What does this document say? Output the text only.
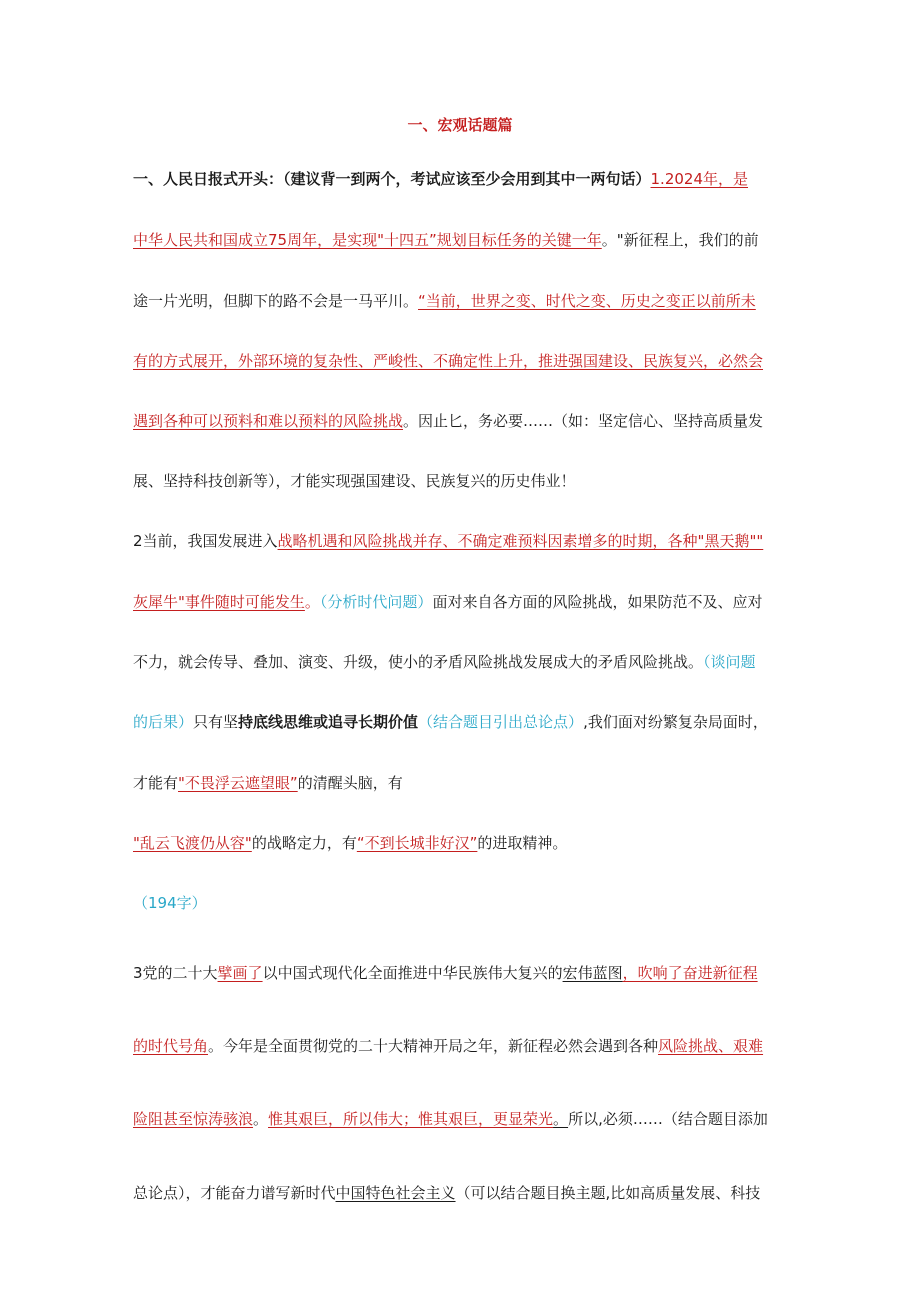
一、宏观话题篇
一、人民日报式开头：（建议背一到两个，考试应该至少会用到其中一两句话）1.2024年，是
中华人民共和国成立75周年，是实现"十四五”规划目标任务的关键一年。"新征程上，我们的前
途一片光明，但脚下的路不会是一马平川。“当前，世界之变、时代之变、历史之变正以前所未
有的方式展开，外部环境的复杂性、严峻性、不确定性上升，推进强国建设、民族复兴，必然会
遇到各种可以预料和难以预料的风险挑战。因止匕，务必要……（如：坚定信心、坚持高质量发
展、坚持科技创新等），才能实现强国建设、民族复兴的历史伟业！
2当前，我国发展进入战略机遇和风险挑战并存、不确定难预料因素增多的时期，各种"黑天鹅""
灰犀牛"事件随时可能发生。（分析时代问题）面对来自各方面的风险挑战，如果防范不及、应对
不力，就会传导、叠加、演变、升级，使小的矛盾风险挑战发展成大的矛盾风险挑战。（谈问题
的后果）只有坚持底线思维或追寻长期价值（结合题目引出总论点）,我们面对纷繁复杂局面时，
才能有"不畏浮云遮望眼”的清醒头脑，有
"乱云飞渡仍从容"的战略定力，有“不到长城非好汉”的进取精神。
（194字）
3党的二十大擘画了以中国式现代化全面推进中华民族伟大复兴的宏伟蓝图，吹响了奋进新征程
的时代号角。今年是全面贯彻党的二十大精神开局之年，新征程必然会遇到各种风险挑战、艰难
险阻甚至惊涛骇浪。惟其艰巨，所以伟大；惟其艰巨，更显荣光。所以,必须……（结合题目添加
总论点），才能奋力谱写新时代中国特色社会主义（可以结合题目换主题,比如高质量发展、科技
